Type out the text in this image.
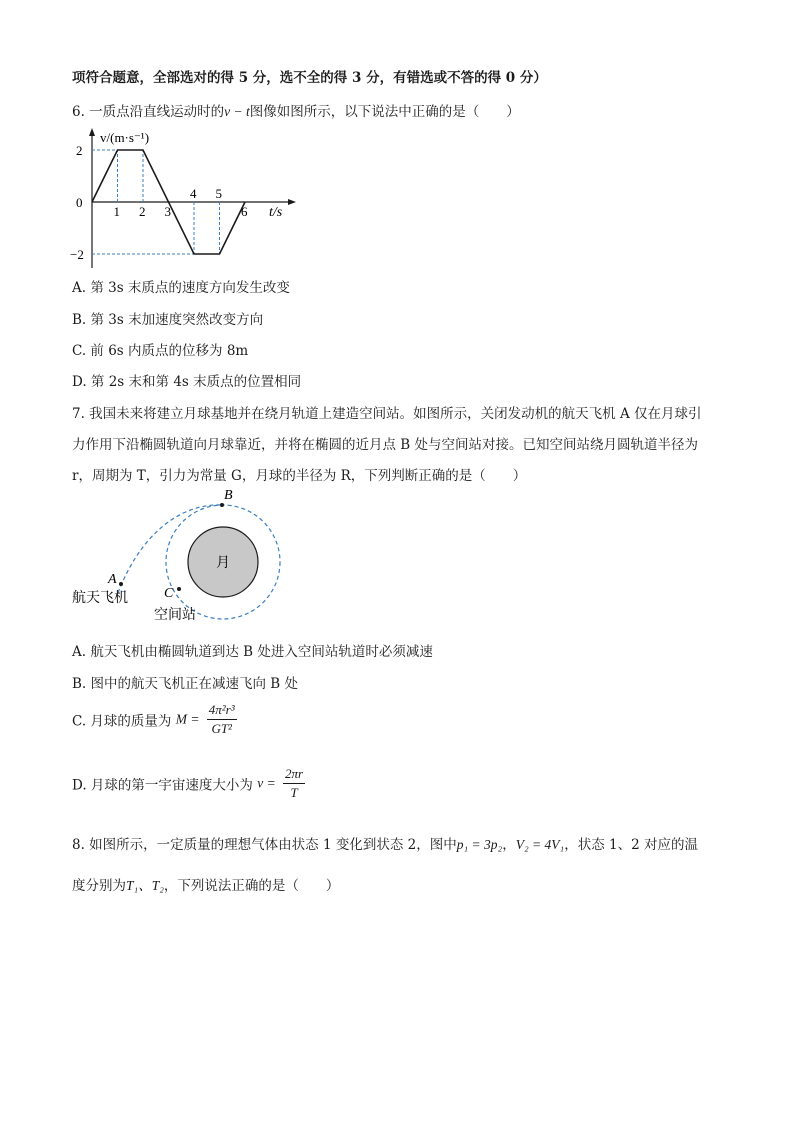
项符合题意，全部选对的得 5 分，选不全的得 3 分，有错选或不答的得 0 分）
6. 一质点沿直线运动时的v − t图像如图所示，以下说法中正确的是（　　）
1 2 3
4 5
6
2
0
−2
v/(m·s⁻¹)
t/s
A. 第 3s 末质点的速度方向发生改变
B. 第 3s 末加速度突然改变方向
C. 前 6s 内质点的位移为 8m
D. 第 2s 末和第 4s 末质点的位置相同
7. 我国未来将建立月球基地并在绕月轨道上建造空间站。如图所示，关闭发动机的航天飞机 A 仅在月球引
力作用下沿椭圆轨道向月球靠近，并将在椭圆的近月点 B 处与空间站对接。已知空间站绕月圆轨道半径为
r，周期为 T，引力为常量 G，月球的半径为 R，下列判断正确的是（　　）
月
B
A
C
航天飞机
空间站
A. 航天飞机由椭圆轨道到达 B 处进入空间站轨道时必须减速
B. 图中的航天飞机正在减速飞向 B 处
C. 月球的质量为 $M = \frac{\text{4π²r³}}{\text{GT²}}$
D. 月球的第一宇宙速度大小为 $v = \frac{2\pi r}{T}$
8. 如图所示，一定质量的理想气体由状态 1 变化到状态 2，图中p₁ = 3p₂，V₂ = 4V₁，状态 1、2 对应的温
度分别为T₁、T₂，下列说法正确的是（　　）
